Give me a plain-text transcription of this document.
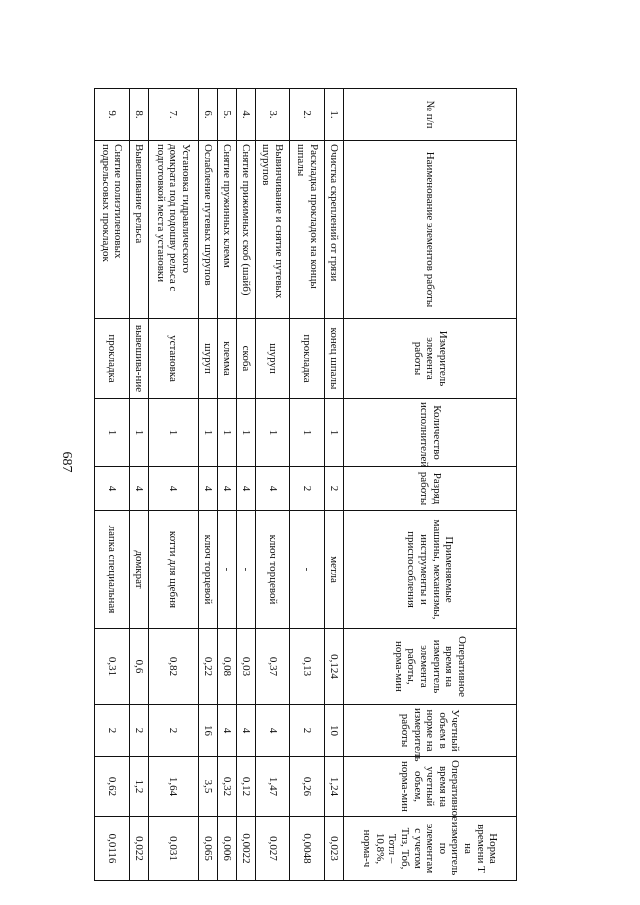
687
№ п/п	Наименование элементов работы	Измеритель элемента работы	Количество исполнителей	Разряд работы	Применяемые машины, механизмы, инструменты и приспособления	Оперативное время на измеритель элемента работы, норма-мин	Учетный объем в норме на измеритель работы	Оперативное время на учетный объем, норма-мин	Норма времени Т на измеритель по элементам с учетом Тпз, Тоб, Тотл – 10,8%, норма-ч
1.	Очистка скреплений от грязи	конец шпалы	1	2	метла	0,124	10	1,24	0,023
2.	Раскладка прокладок на концы шпалы	прокладка	1	2	-	0,13	2	0,26	0,0048
3.	Вывинчивание и снятие путевых шурупов	шуруп	1	4	ключ торцевой	0,37	4	1,47	0,027
4.	Снятие прижимных скоб (шайб)	скоба	1	4	-	0,03	4	0,12	0,0022
5.	Снятие пружинных клемм	клемма	1	4	-	0,08	4	0,32	0,006
6.	Ослабление путевых шурупов	шуруп	1	4	ключ торцевой	0,22	16	3,5	0,065
7.	Установка гидравлического домкрата под подошву рельса с подготовкой места установки	установка	1	4	котти для щебня	0,82	2	1,64	0,031
8.	Вывешивание рельса	вывешива-ние	1	4	домкрат	0,6	2	1,2	0,022
9.	Снятие полиэтиленовых подрельсовых прокладок	прокладка	1	4	лапка специальная	0,31	2	0,62	0,0116
